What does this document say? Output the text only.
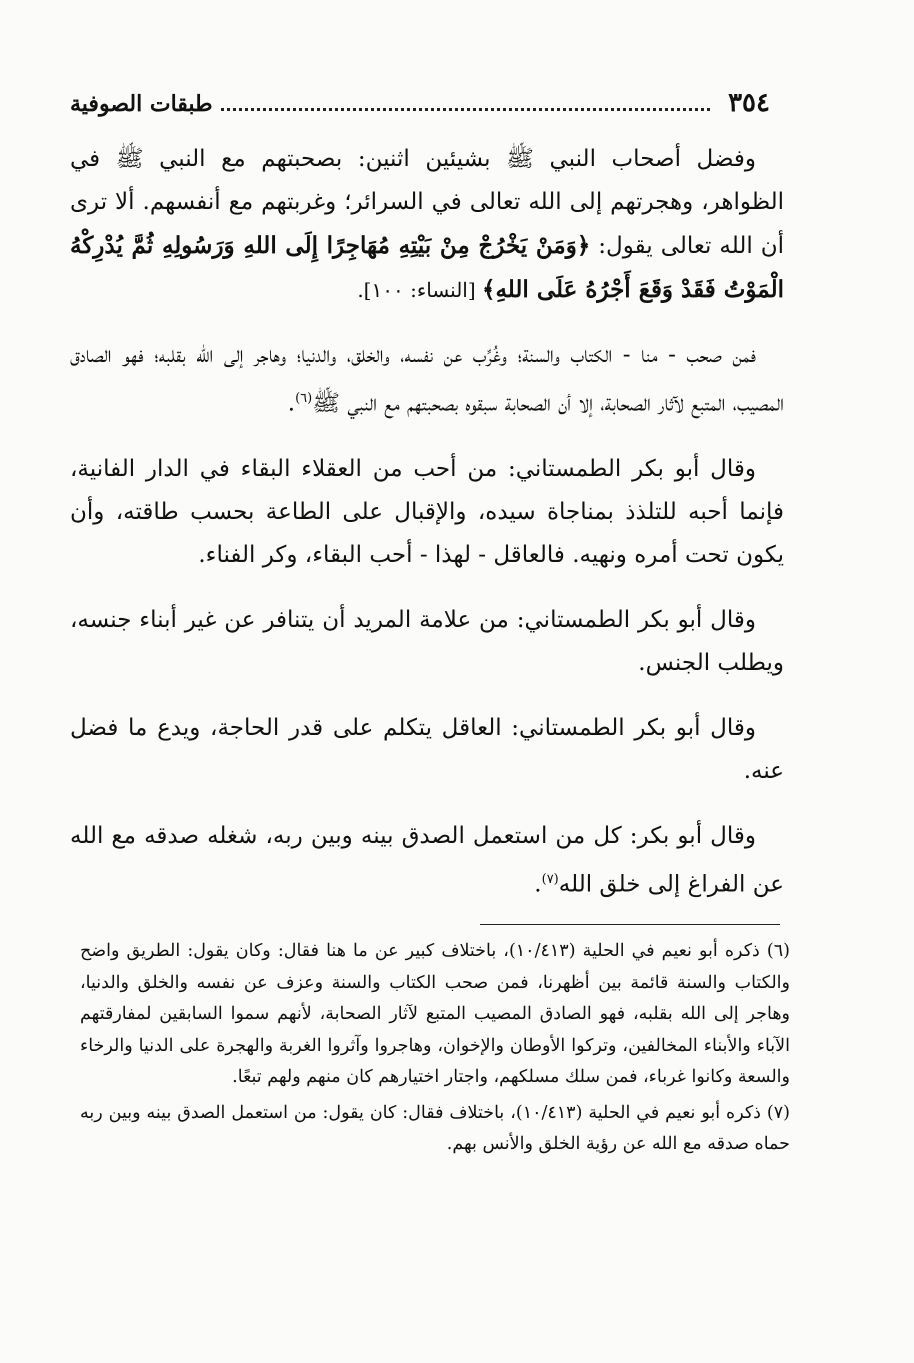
٣٥٤
طبقات الصوفية

وفضل أصحاب النبي ﷺ بشيئين اثنين: بصحبتهم مع النبي ﷺ في الظواهر، وهجرتهم إلى الله تعالى في السرائر؛ وغربتهم مع أنفسهم. ألا ترى أن الله تعالى يقول: ﴿وَمَنْ يَخْرُجْ مِنْ بَيْتِهِ مُهَاجِرًا إِلَى اللهِ وَرَسُولِهِ ثُمَّ يُدْرِكْهُ الْمَوْتُ فَقَدْ وَقَعَ أَجْرُهُ عَلَى اللهِ﴾ [النساء: ١٠٠].

فمن صحب - منا - الكتاب والسنة؛ وغُرِّب عن نفسه، والخلق، والدنيا؛ وهاجر إلى الله بقلبه؛ فهو الصادق المصيب، المتبع لآثار الصحابة، إلا أن الصحابة سبقوه بصحبتهم مع النبي ﷺ$^{(٦)}$.

وقال أبو بكر الطمستاني: من أحب من العقلاء البقاء في الدار الفانية، فإنما أحبه للتلذذ بمناجاة سيده، والإقبال على الطاعة بحسب طاقته، وأن يكون تحت أمره ونهيه. فالعاقل - لهذا - أحب البقاء، وكر الفناء.

وقال أبو بكر الطمستاني: من علامة المريد أن يتنافر عن غير أبناء جنسه، ويطلب الجنس.

وقال أبو بكر الطمستاني: العاقل يتكلم على قدر الحاجة، ويدع ما فضل عنه.

وقال أبو بكر: كل من استعمل الصدق بينه وبين ربه، شغله صدقه مع الله عن الفراغ إلى خلق الله$^{(٧)}$.

(٦) ذكره أبو نعيم في الحلية (١٠/٤١٣)، باختلاف كبير عن ما هنا فقال: وكان يقول: الطريق واضح والكتاب والسنة قائمة بين أظهرنا، فمن صحب الكتاب والسنة وعزف عن نفسه والخلق والدنيا، وهاجر إلى الله بقلبه، فهو الصادق المصيب المتبع لآثار الصحابة، لأنهم سموا السابقين لمفارقتهم الآباء والأبناء المخالفين، وتركوا الأوطان والإخوان، وهاجروا وآثروا الغربة والهجرة على الدنيا والرخاء والسعة وكانوا غرباء، فمن سلك مسلكهم، واجتار اختيارهم كان منهم ولهم تبعًا.

(٧) ذكره أبو نعيم في الحلية (١٠/٤١٣)، باختلاف فقال: كان يقول: من استعمل الصدق بينه وبين ربه حماه صدقه مع الله عن رؤية الخلق والأنس بهم.
